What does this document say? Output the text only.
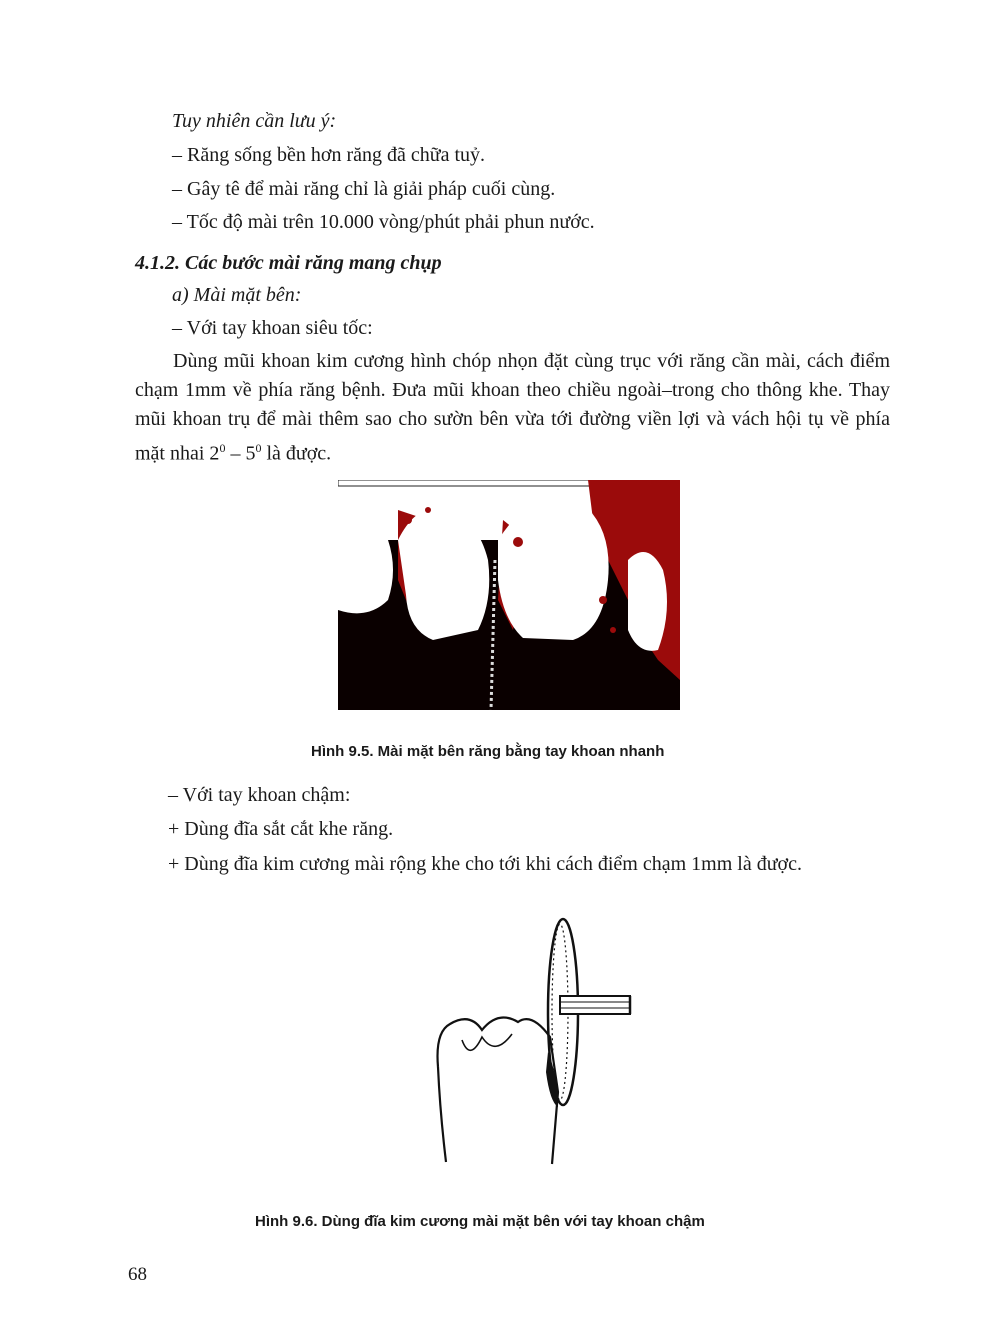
Tuy nhiên cần lưu ý:
– Răng sống bền hơn răng đã chữa tuỷ.
– Gây tê để mài răng chỉ là giải pháp cuối cùng.
– Tốc độ mài trên 10.000 vòng/phút phải phun nước.
4.1.2. Các bước mài răng mang chụp
a) Mài mặt bên:
– Với tay khoan siêu tốc:
Dùng mũi khoan kim cương hình chóp nhọn đặt cùng trục với răng cần mài, cách điểm chạm 1mm về phía răng bệnh. Đưa mũi khoan theo chiều ngoài–trong cho thông khe. Thay mũi khoan trụ để mài thêm sao cho sườn bên vừa tới đường viền lợi và vách hội tụ về phía mặt nhai $2^0 - 5^0$ là được.
Hình 9.5. Mài mặt bên răng bằng tay khoan nhanh
– Với tay khoan chậm:
+ Dùng đĩa sắt cắt khe răng.
+ Dùng đĩa kim cương mài rộng khe cho tới khi cách điểm chạm 1mm là được.
Hình 9.6. Dùng đĩa kim cương mài mặt bên với tay khoan chậm
68
